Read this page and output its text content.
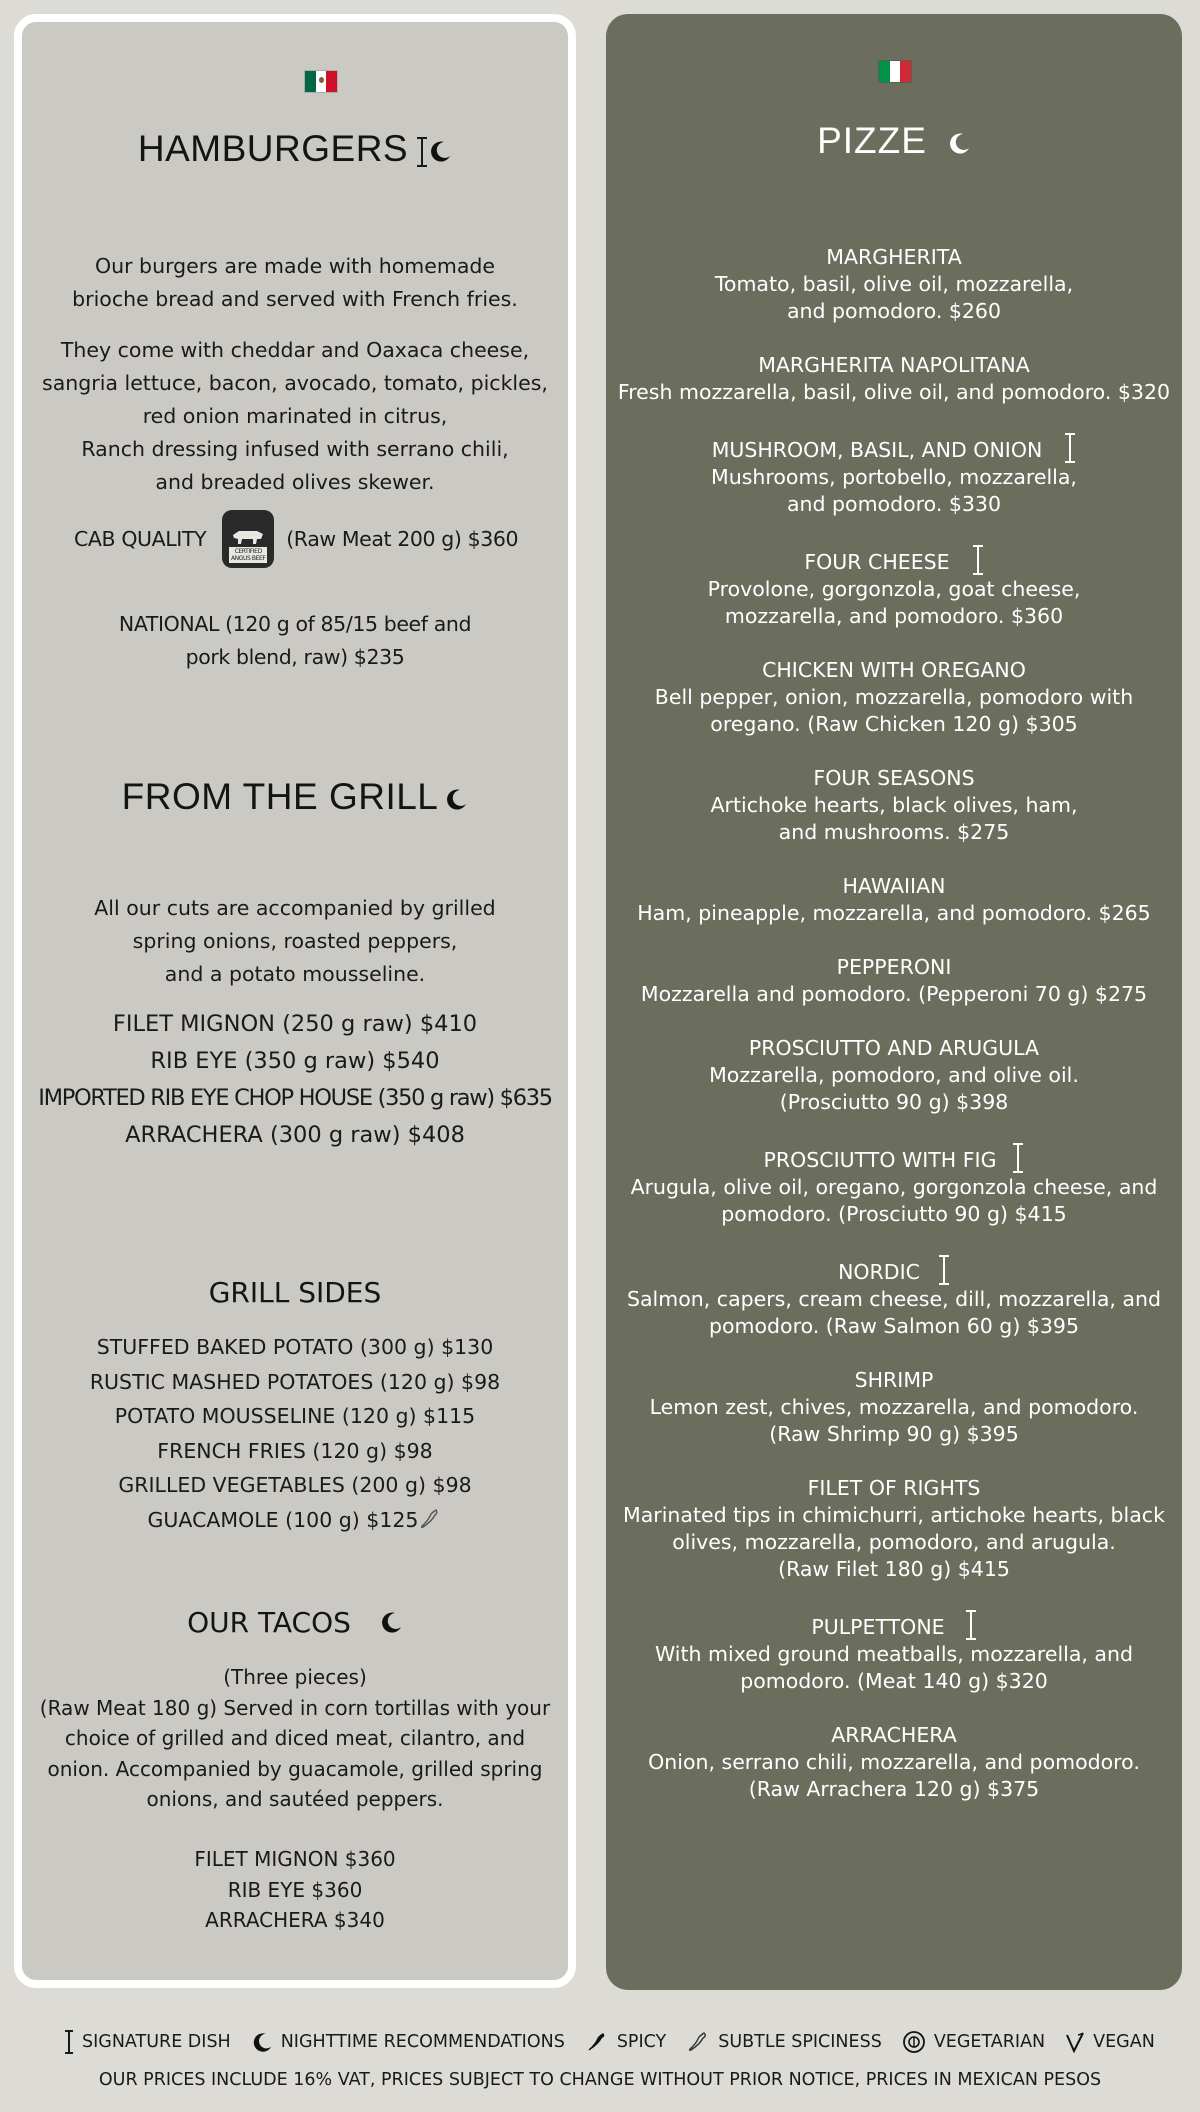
HAMBURGERS
Our burgers are made with homemade
brioche bread and served with French fries.
They come with cheddar and Oaxaca cheese,
sangria lettuce, bacon, avocado, tomato, pickles,
red onion marinated in citrus,
Ranch dressing infused with serrano chili,
and breaded olives skewer.
CAB QUALITY
CERTIFIED
ANGUS BEEF
(Raw Meat 200 g) $360
NATIONAL (120 g of 85/15 beef and
pork blend, raw) $235
FROM THE GRILL
All our cuts are accompanied by grilled
spring onions, roasted peppers,
and a potato mousseline.
FILET MIGNON (250 g raw) $410
RIB EYE (350 g raw) $540
IMPORTED RIB EYE CHOP HOUSE (350 g raw) $635
ARRACHERA (300 g raw) $408
GRILL SIDES
STUFFED BAKED POTATO (300 g) $130
RUSTIC MASHED POTATOES (120 g) $98
POTATO MOUSSELINE (120 g) $115
FRENCH FRIES (120 g) $98
GRILLED VEGETABLES (200 g) $98
GUACAMOLE (100 g) $125
OUR TACOS
(Three pieces)
(Raw Meat 180 g) Served in corn tortillas with your
choice of grilled and diced meat, cilantro, and
onion. Accompanied by guacamole, grilled spring
onions, and sautéed peppers.
FILET MIGNON $360
RIB EYE $360
ARRACHERA $340
PIZZE
MARGHERITA
Tomato, basil, olive oil, mozzarella,
and pomodoro. $260
MARGHERITA NAPOLITANA
Fresh mozzarella, basil, olive oil, and pomodoro. $320
MUSHROOM, BASIL, AND ONION
Mushrooms, portobello, mozzarella,
and pomodoro. $330
FOUR CHEESE
Provolone, gorgonzola, goat cheese,
mozzarella, and pomodoro. $360
CHICKEN WITH OREGANO
Bell pepper, onion, mozzarella, pomodoro with
oregano. (Raw Chicken 120 g) $305
FOUR SEASONS
Artichoke hearts, black olives, ham,
and mushrooms. $275
HAWAIIAN
Ham, pineapple, mozzarella, and pomodoro. $265
PEPPERONI
Mozzarella and pomodoro. (Pepperoni 70 g) $275
PROSCIUTTO AND ARUGULA
Mozzarella, pomodoro, and olive oil.
(Prosciutto 90 g) $398
PROSCIUTTO WITH FIG
Arugula, olive oil, oregano, gorgonzola cheese, and
pomodoro. (Prosciutto 90 g) $415
NORDIC
Salmon, capers, cream cheese, dill, mozzarella, and
pomodoro. (Raw Salmon 60 g) $395
SHRIMP
Lemon zest, chives, mozzarella, and pomodoro.
(Raw Shrimp 90 g) $395
FILET OF RIGHTS
Marinated tips in chimichurri, artichoke hearts, black
olives, mozzarella, pomodoro, and arugula.
(Raw Filet 180 g) $415
PULPETTONE
With mixed ground meatballs, mozzarella, and
pomodoro. (Meat 140 g) $320
ARRACHERA
Onion, serrano chili, mozzarella, and pomodoro.
(Raw Arrachera 120 g) $375
SIGNATURE DISH	NIGHTTIME RECOMMENDATIONS	SPICY	SUBTLE SPICINESS	VEGETARIAN	VEGAN
OUR PRICES INCLUDE 16% VAT, PRICES SUBJECT TO CHANGE WITHOUT PRIOR NOTICE, PRICES IN MEXICAN PESOS
